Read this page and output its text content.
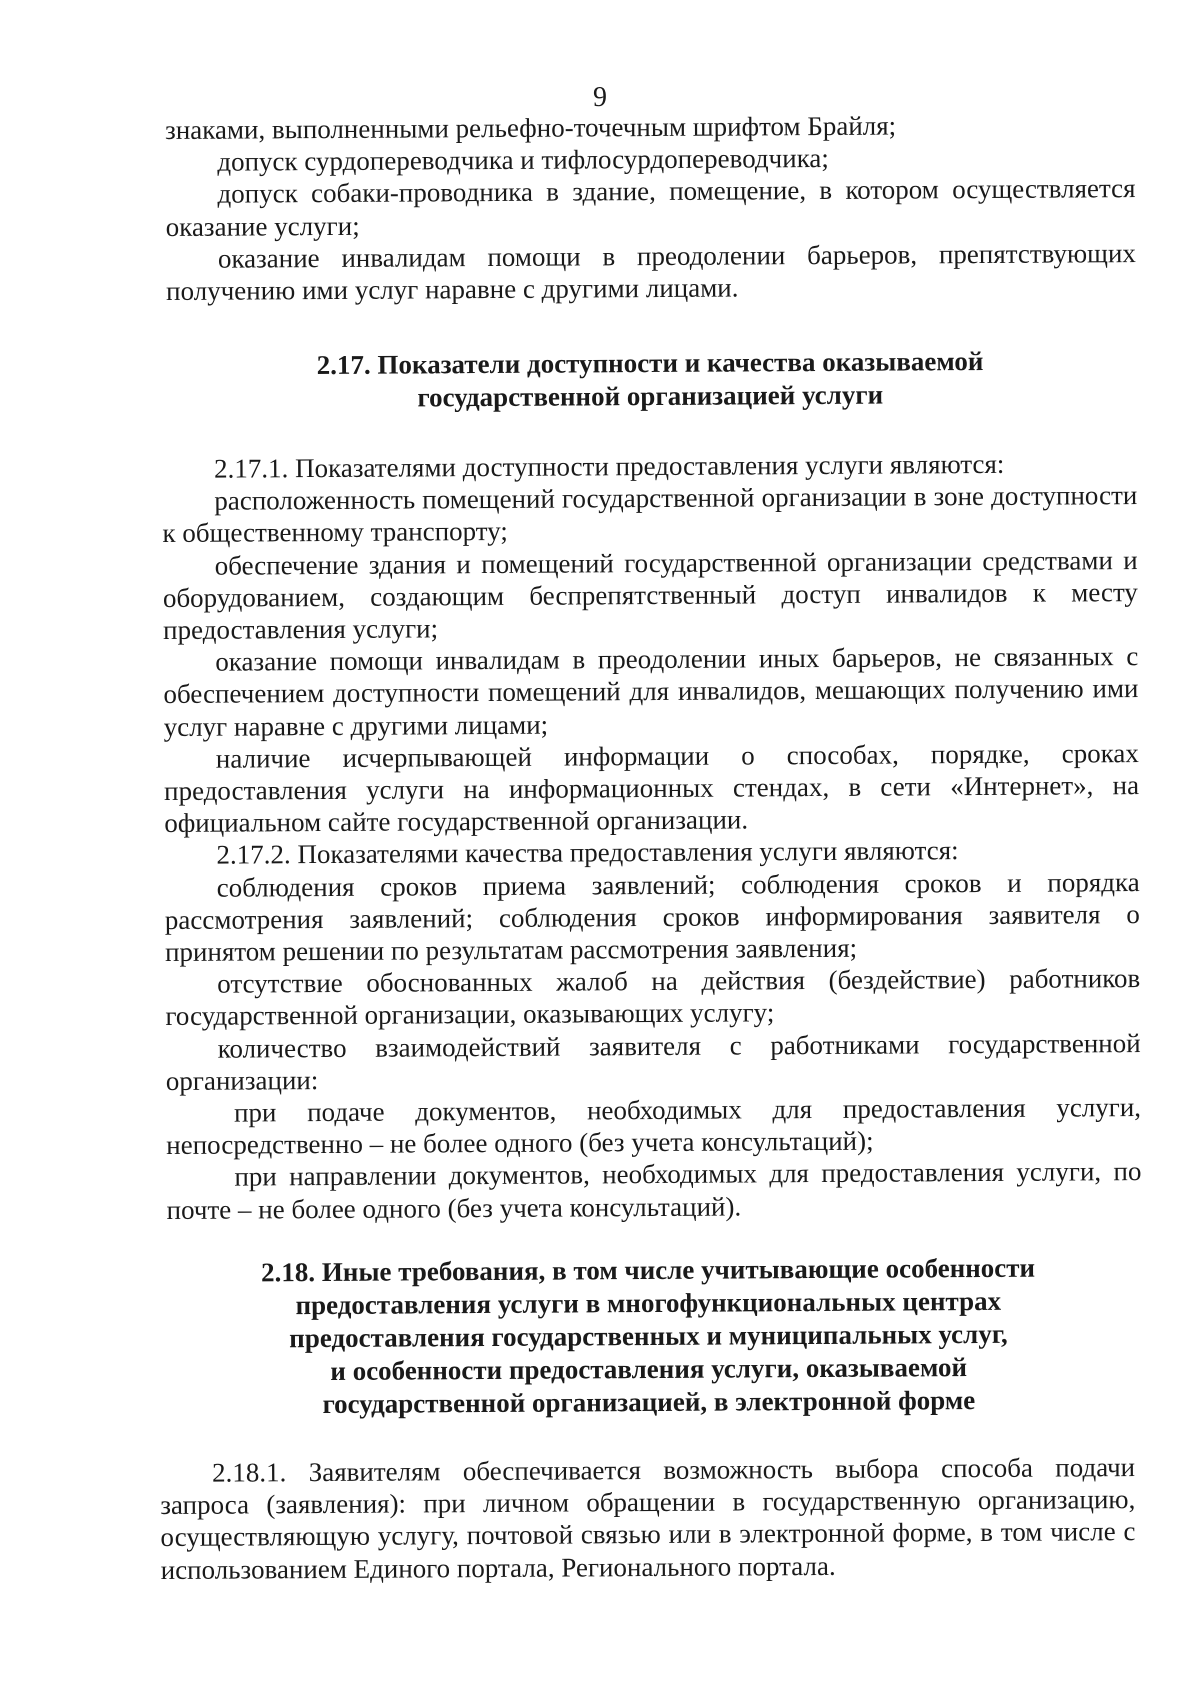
9

знаками, выполненными рельефно-точечным шрифтом Брайля;

допуск сурдопереводчика и тифлосурдопереводчика;

допуск собаки-проводника в здание, помещение, в котором осуществляется оказание услуги;

оказание инвалидам помощи в преодолении барьеров, препятствующих получению ими услуг наравне с другими лицами.

2.17. Показатели доступности и качества оказываемой

государственной организацией услуги

2.17.1. Показателями доступности предоставления услуги являются:

расположенность помещений государственной организации в зоне доступности к общественному транспорту;

обеспечение здания и помещений государственной организации средствами и оборудованием, создающим беспрепятственный доступ инвалидов к месту предоставления услуги;

оказание помощи инвалидам в преодолении иных барьеров, не связанных с обеспечением доступности помещений для инвалидов, мешающих получению ими услуг наравне с другими лицами;

наличие исчерпывающей информации о способах, порядке, сроках предоставления услуги на информационных стендах, в сети «Интернет», на официальном сайте государственной организации.

2.17.2. Показателями качества предоставления услуги являются:

соблюдения сроков приема заявлений; соблюдения сроков и порядка рассмотрения заявлений; соблюдения сроков информирования заявителя о принятом решении по результатам рассмотрения заявления;

отсутствие обоснованных жалоб на действия (бездействие) работников государственной организации, оказывающих услугу;

количество взаимодействий заявителя с работниками государственной организации:

при подаче документов, необходимых для предоставления услуги, непосредственно – не более одного (без учета консультаций);

при направлении документов, необходимых для предоставления услуги, по почте – не более одного (без учета консультаций).

2.18. Иные требования, в том числе учитывающие особенности

предоставления услуги в многофункциональных центрах

предоставления государственных и муниципальных услуг,

и особенности предоставления услуги, оказываемой

государственной организацией, в электронной форме

2.18.1. Заявителям обеспечивается возможность выбора способа подачи запроса (заявления): при личном обращении в государственную организацию, осуществляющую услугу, почтовой связью или в электронной форме, в том числе с использованием Единого портала, Регионального портала.
